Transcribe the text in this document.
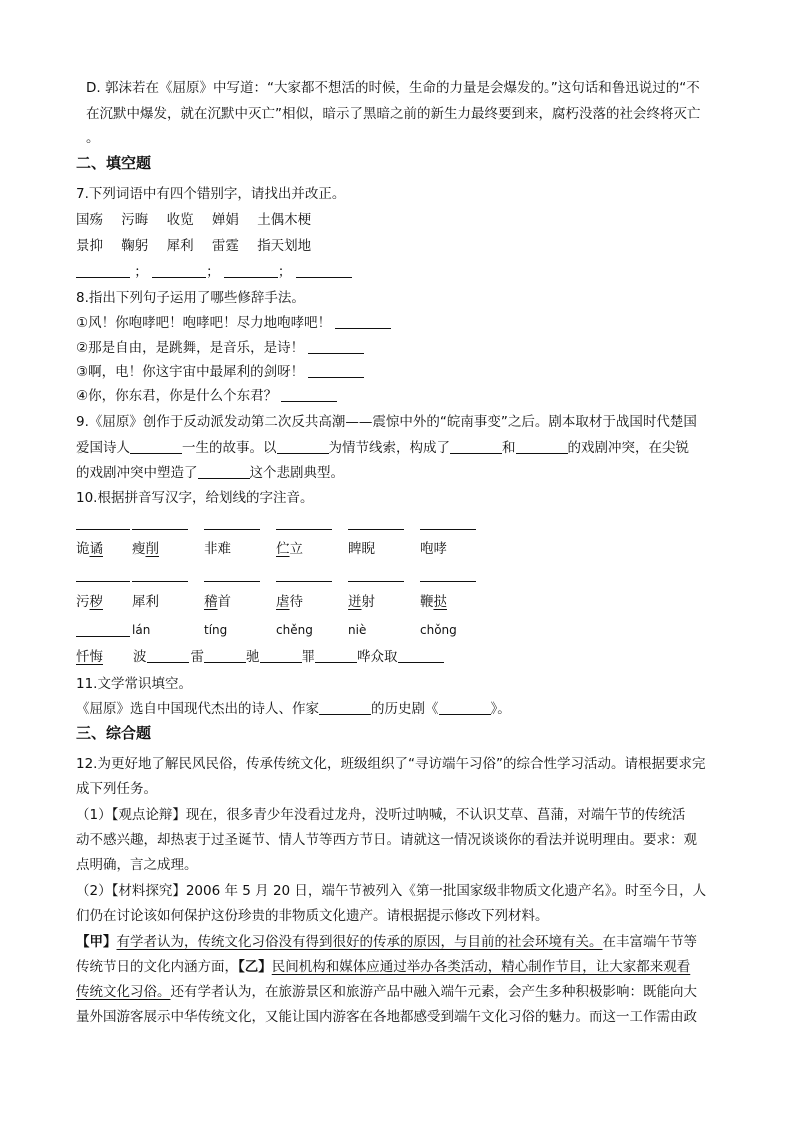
D. 郭沫若在《屈原》中写道：“大家都不想活的时候，生命的力量是会爆发的。”这句话和鲁迅说过的“不
在沉默中爆发，就在沉默中灭亡”相似，暗示了黑暗之前的新生力最终要到来，腐朽没落的社会终将灭亡
。
二、填空题
7.下列词语中有四个错别字，请找出并改正。
国殇 污晦 收览 婵娟 土偶木梗
景抑 鞠躬 犀利 雷霆 指天划地
；	；	；
8.指出下列句子运用了哪些修辞手法。
①风！你咆哮吧！咆哮吧！尽力地咆哮吧！
②那是自由，是跳舞，是音乐，是诗！
③啊，电！你这宇宙中最犀利的剑呀！
④你，你东君，你是什么个东君？
9.《屈原》创作于反动派发动第二次反共高潮——震惊中外的“皖南事变”之后。剧本取材于战国时代楚国
爱国诗人	一生的故事。以	为情节线索，构成了	和	的戏剧冲突，在尖锐
的戏剧冲突中塑造了	这个悲剧典型。
10.根据拼音写汉字，给划线的字注音。
诡谲 瘦削	非难	伫立	睥睨	咆哮
污秽 犀利	稽首	虐待	迸射	鞭挞
lán	tíng	chěng	niè	chǒng
忏悔 波	雷	驰	罪	哗众取
11.文学常识填空。
《屈原》选自中国现代杰出的诗人、作家	的历史剧《	》。
三、综合题
12.为更好地了解民风民俗，传承传统文化，班级组织了“寻访端午习俗”的综合性学习活动。请根据要求完
成下列任务。
（1）【观点论辩】现在，很多青少年没看过龙舟，没听过呐喊，不认识艾草、菖蒲，对端午节的传统活
动不感兴趣，却热衷于过圣诞节、情人节等西方节日。请就这一情况谈谈你的看法并说明理由。要求：观
点明确，言之成理。
（2）【材料探究】2006 年 5 月 20 日，端午节被列入《第一批国家级非物质文化遗产名》。时至今日，人
们仍在讨论该如何保护这份珍贵的非物质文化遗产。请根据提示修改下列材料。
【甲】有学者认为，传统文化习俗没有得到很好的传承的原因，与目前的社会环境有关。在丰富端午节等
传统节日的文化内涵方面，【乙】民间机构和媒体应通过举办各类活动，精心制作节目，让大家都来观看
传统文化习俗。还有学者认为，在旅游景区和旅游产品中融入端午元素，会产生多种积极影响：既能向大
量外国游客展示中华传统文化，又能让国内游客在各地都感受到端午文化习俗的魅力。而这一工作需由政
